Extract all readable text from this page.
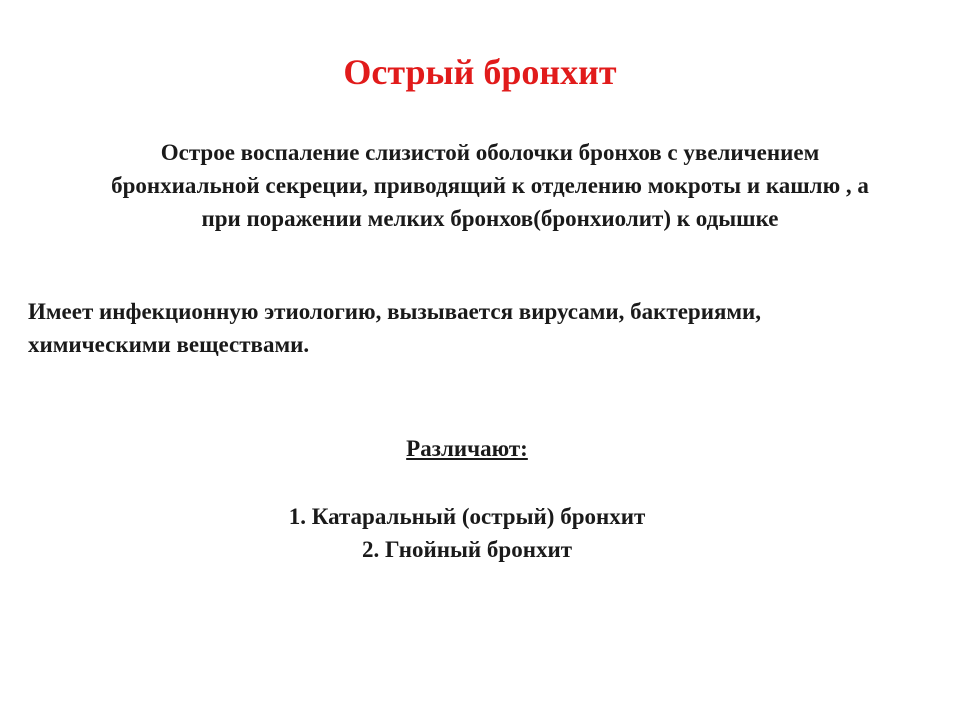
Острый бронхит
Острое воспаление слизистой оболочки бронхов с увеличением
бронхиальной секреции, приводящий к отделению мокроты и кашлю , а
при поражении мелких бронхов(бронхиолит) к одышке
Имеет инфекционную этиологию, вызывается вирусами, бактериями,
химическими веществами.
Различают:
1. Катаральный (острый) бронхит
2. Гнойный бронхит
